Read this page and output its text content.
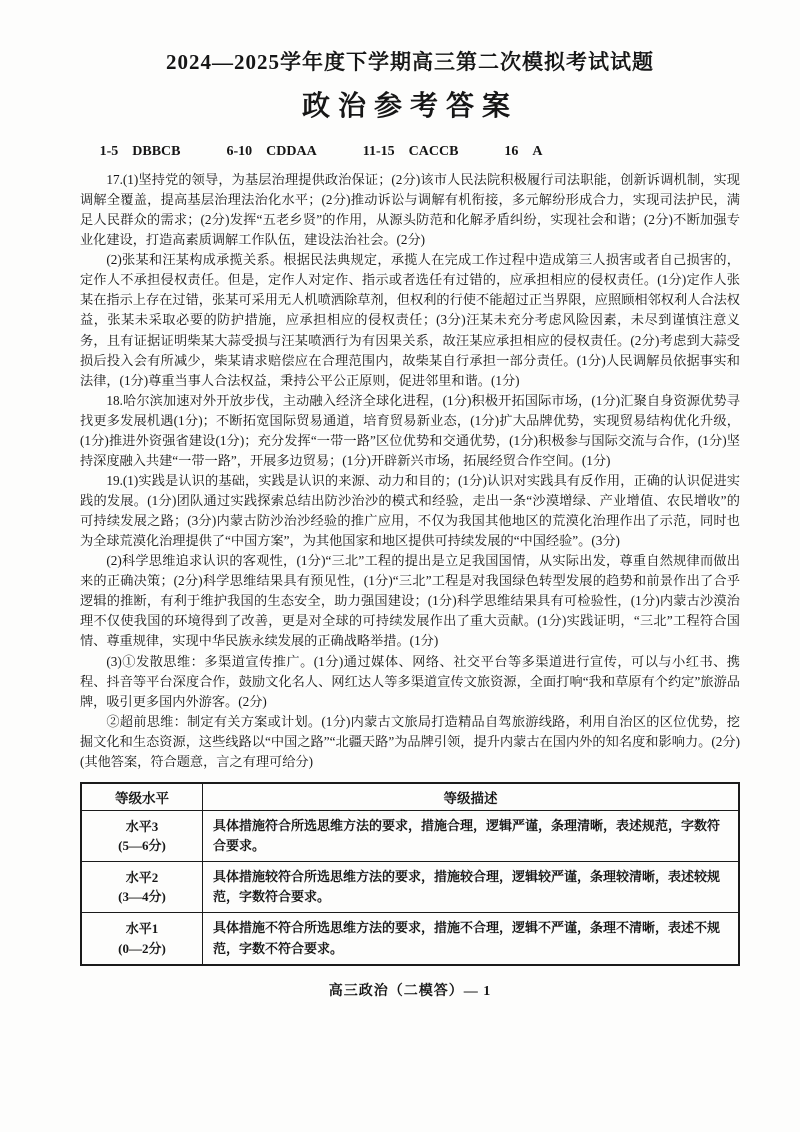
2024—2025学年度下学期高三第二次模拟考试试题
政治参考答案
1-5 DBBCB	6-10 CDDAA	11-15 CACCB	16 A

17.(1)坚持党的领导，为基层治理提供政治保证；(2分)该市人民法院积极履行司法职能，创新诉调机制，实现调解全覆盖，提高基层治理法治化水平；(2分)推动诉讼与调解有机衔接，多元解纷形成合力，实现司法护民，满足人民群众的需求；(2分)发挥“五老乡贤”的作用，从源头防范和化解矛盾纠纷，实现社会和谐；(2分)不断加强专业化建设，打造高素质调解工作队伍，建设法治社会。(2分)

(2)张某和汪某构成承揽关系。根据民法典规定，承揽人在完成工作过程中造成第三人损害或者自己损害的，定作人不承担侵权责任。但是，定作人对定作、指示或者选任有过错的，应承担相应的侵权责任。(1分)定作人张某在指示上存在过错，张某可采用无人机喷洒除草剂，但权利的行使不能超过正当界限，应照顾相邻权利人合法权益，张某未采取必要的防护措施，应承担相应的侵权责任；(3分)汪某未充分考虑风险因素，未尽到谨慎注意义务，且有证据证明柴某大蒜受损与汪某喷洒行为有因果关系，故汪某应承担相应的侵权责任。(2分)考虑到大蒜受损后投入会有所减少，柴某请求赔偿应在合理范围内，故柴某自行承担一部分责任。(1分)人民调解员依据事实和法律，(1分)尊重当事人合法权益，秉持公平公正原则，促进邻里和谐。(1分)

18.哈尔滨加速对外开放步伐，主动融入经济全球化进程，(1分)积极开拓国际市场，(1分)汇聚自身资源优势寻找更多发展机遇(1分)；不断拓宽国际贸易通道，培育贸易新业态，(1分)扩大品牌优势，实现贸易结构优化升级，(1分)推进外资强省建设(1分)；充分发挥“一带一路”区位优势和交通优势，(1分)积极参与国际交流与合作，(1分)坚持深度融入共建“一带一路”，开展多边贸易；(1分)开辟新兴市场，拓展经贸合作空间。(1分)

19.(1)实践是认识的基础，实践是认识的来源、动力和目的；(1分)认识对实践具有反作用，正确的认识促进实践的发展。(1分)团队通过实践探索总结出防沙治沙的模式和经验，走出一条“沙漠增绿、产业增值、农民增收”的可持续发展之路；(3分)内蒙古防沙治沙经验的推广应用，不仅为我国其他地区的荒漠化治理作出了示范，同时也为全球荒漠化治理提供了“中国方案”，为其他国家和地区提供可持续发展的“中国经验”。(3分)

(2)科学思维追求认识的客观性，(1分)“三北”工程的提出是立足我国国情，从实际出发，尊重自然规律而做出来的正确决策；(2分)科学思维结果具有预见性，(1分)“三北”工程是对我国绿色转型发展的趋势和前景作出了合乎逻辑的推断，有利于维护我国的生态安全，助力强国建设；(1分)科学思维结果具有可检验性，(1分)内蒙古沙漠治理不仅使我国的环境得到了改善，更是对全球的可持续发展作出了重大贡献。(1分)实践证明，“三北”工程符合国情、尊重规律，实现中华民族永续发展的正确战略举措。(1分)

(3)①发散思维：多渠道宣传推广。(1分)通过媒体、网络、社交平台等多渠道进行宣传，可以与小红书、携程、抖音等平台深度合作，鼓励文化名人、网红达人等多渠道宣传文旅资源，全面打响“我和草原有个约定”旅游品牌，吸引更多国内外游客。(2分)

②超前思维：制定有关方案或计划。(1分)内蒙古文旅局打造精品自驾旅游线路，利用自治区的区位优势，挖掘文化和生态资源，这些线路以“中国之路”“北疆天路”为品牌引领，提升内蒙古在国内外的知名度和影响力。(2分)(其他答案，符合题意，言之有理可给分)

等级水平	等级描述

水平3
(5—6分)	具体措施符合所选思维方法的要求，措施合理，逻辑严谨，条理清晰，表述规范，字数符合要求。

水平2
(3—4分)	具体措施较符合所选思维方法的要求，措施较合理，逻辑较严谨，条理较清晰，表述较规范，字数符合要求。

水平1
(0—2分)	具体措施不符合所选思维方法的要求，措施不合理，逻辑不严谨，条理不清晰，表述不规范，字数不符合要求。
高三政治（二模答）— 1
